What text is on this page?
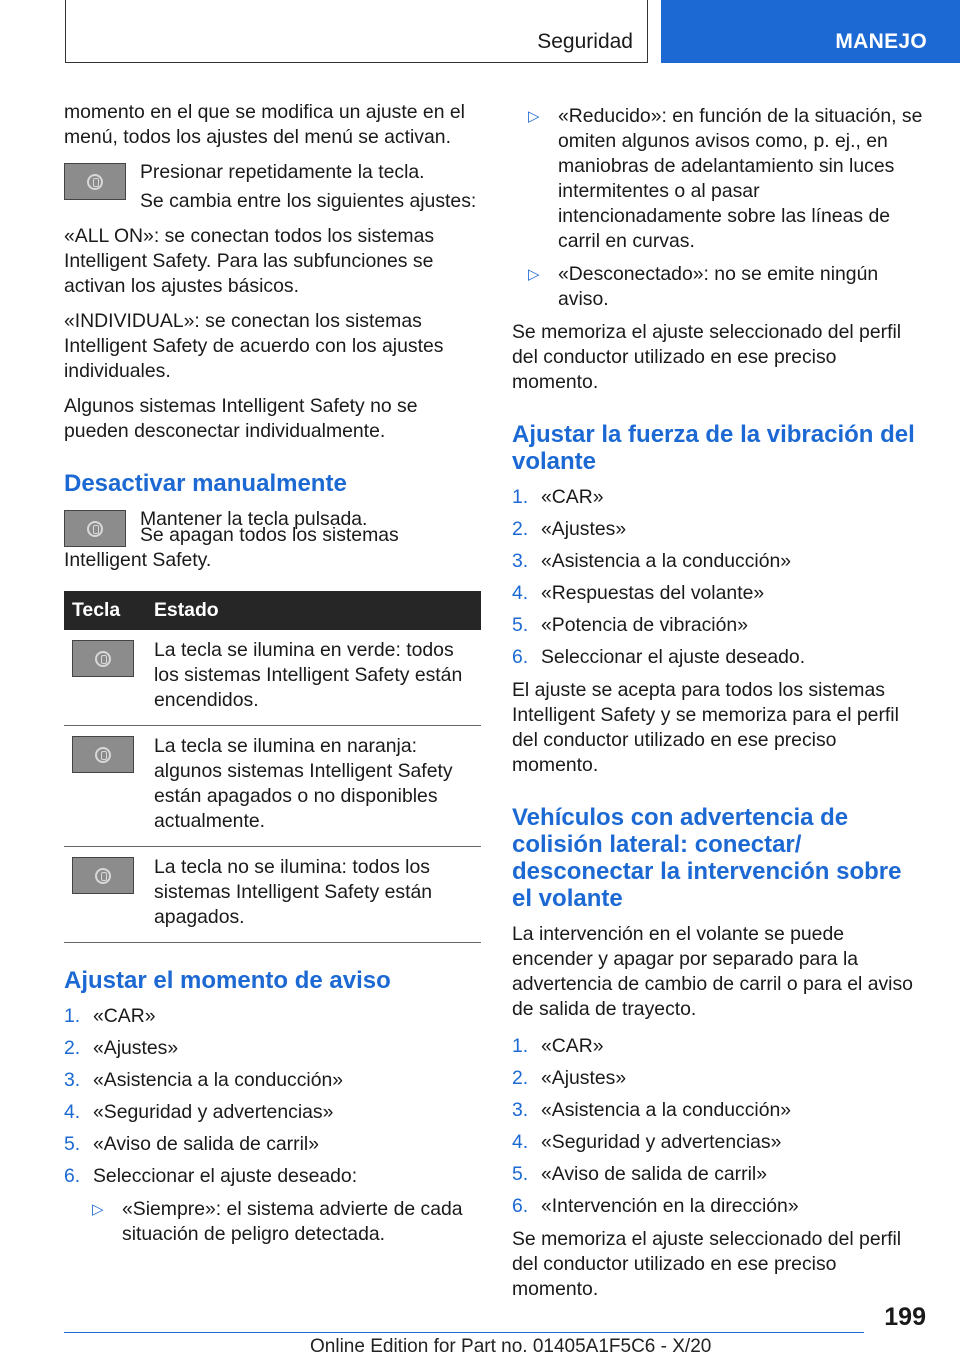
Seguridad	MANEJO

momento en el que se modifica un ajuste en el menú, todos los ajustes del menú se activan.

Presionar repetidamente la tecla.

Se cambia entre los siguientes ajustes:

«ALL ON»: se conectan todos los sistemas Intelligent Safety. Para las subfunciones se activan los ajustes básicos.

«INDIVIDUAL»: se conectan los sistemas Intelligent Safety de acuerdo con los ajustes individuales.

Algunos sistemas Intelligent Safety no se pueden desconectar individualmente.

Desactivar manualmente

Mantener la tecla pulsada.

Se apagan todos los sistemas Intelligent Safety.

Tecla	Estado

	La tecla se ilumina en verde: todos los sistemas Intelligent Safety están encendidos.

	La tecla se ilumina en naranja: algunos sistemas Intelligent Safety están apagados o no disponibles actualmente.

	La tecla no se ilumina: todos los sistemas Intelligent Safety están apagados.
Ajustar el momento de aviso
1. «CAR»
2. «Ajustes»
3. «Asistencia a la conducción»
4. «Seguridad y advertencias»
5. «Aviso de salida de carril»
6. Seleccionar el ajuste deseado:
▷ «Siempre»: el sistema advierte de cada situación de peligro detectada.
▷ «Reducido»: en función de la situación, se omiten algunos avisos como, p. ej., en maniobras de adelantamiento sin luces intermitentes o al pasar intencionadamente sobre las líneas de carril en curvas.
▷ «Desconectado»: no se emite ningún aviso.

Se memoriza el ajuste seleccionado del perfil del conductor utilizado en ese preciso momento.

Ajustar la fuerza de la vibración del volante
1. «CAR»
2. «Ajustes»
3. «Asistencia a la conducción»
4. «Respuestas del volante»
5. «Potencia de vibración»
6. Seleccionar el ajuste deseado.

El ajuste se acepta para todos los sistemas Intelligent Safety y se memoriza para el perfil del conductor utilizado en ese preciso momento.

Vehículos con advertencia de colisión lateral: conectar/ desconectar la intervención sobre el volante

La intervención en el volante se puede encender y apagar por separado para la advertencia de cambio de carril o para el aviso de salida de trayecto.

1. «CAR»
2. «Ajustes»
3. «Asistencia a la conducción»
4. «Seguridad y advertencias»
5. «Aviso de salida de carril»
6. «Intervención en la dirección»

Se memoriza el ajuste seleccionado del perfil del conductor utilizado en ese preciso momento.

199
Online Edition for Part no. 01405A1F5C6 - X/20
